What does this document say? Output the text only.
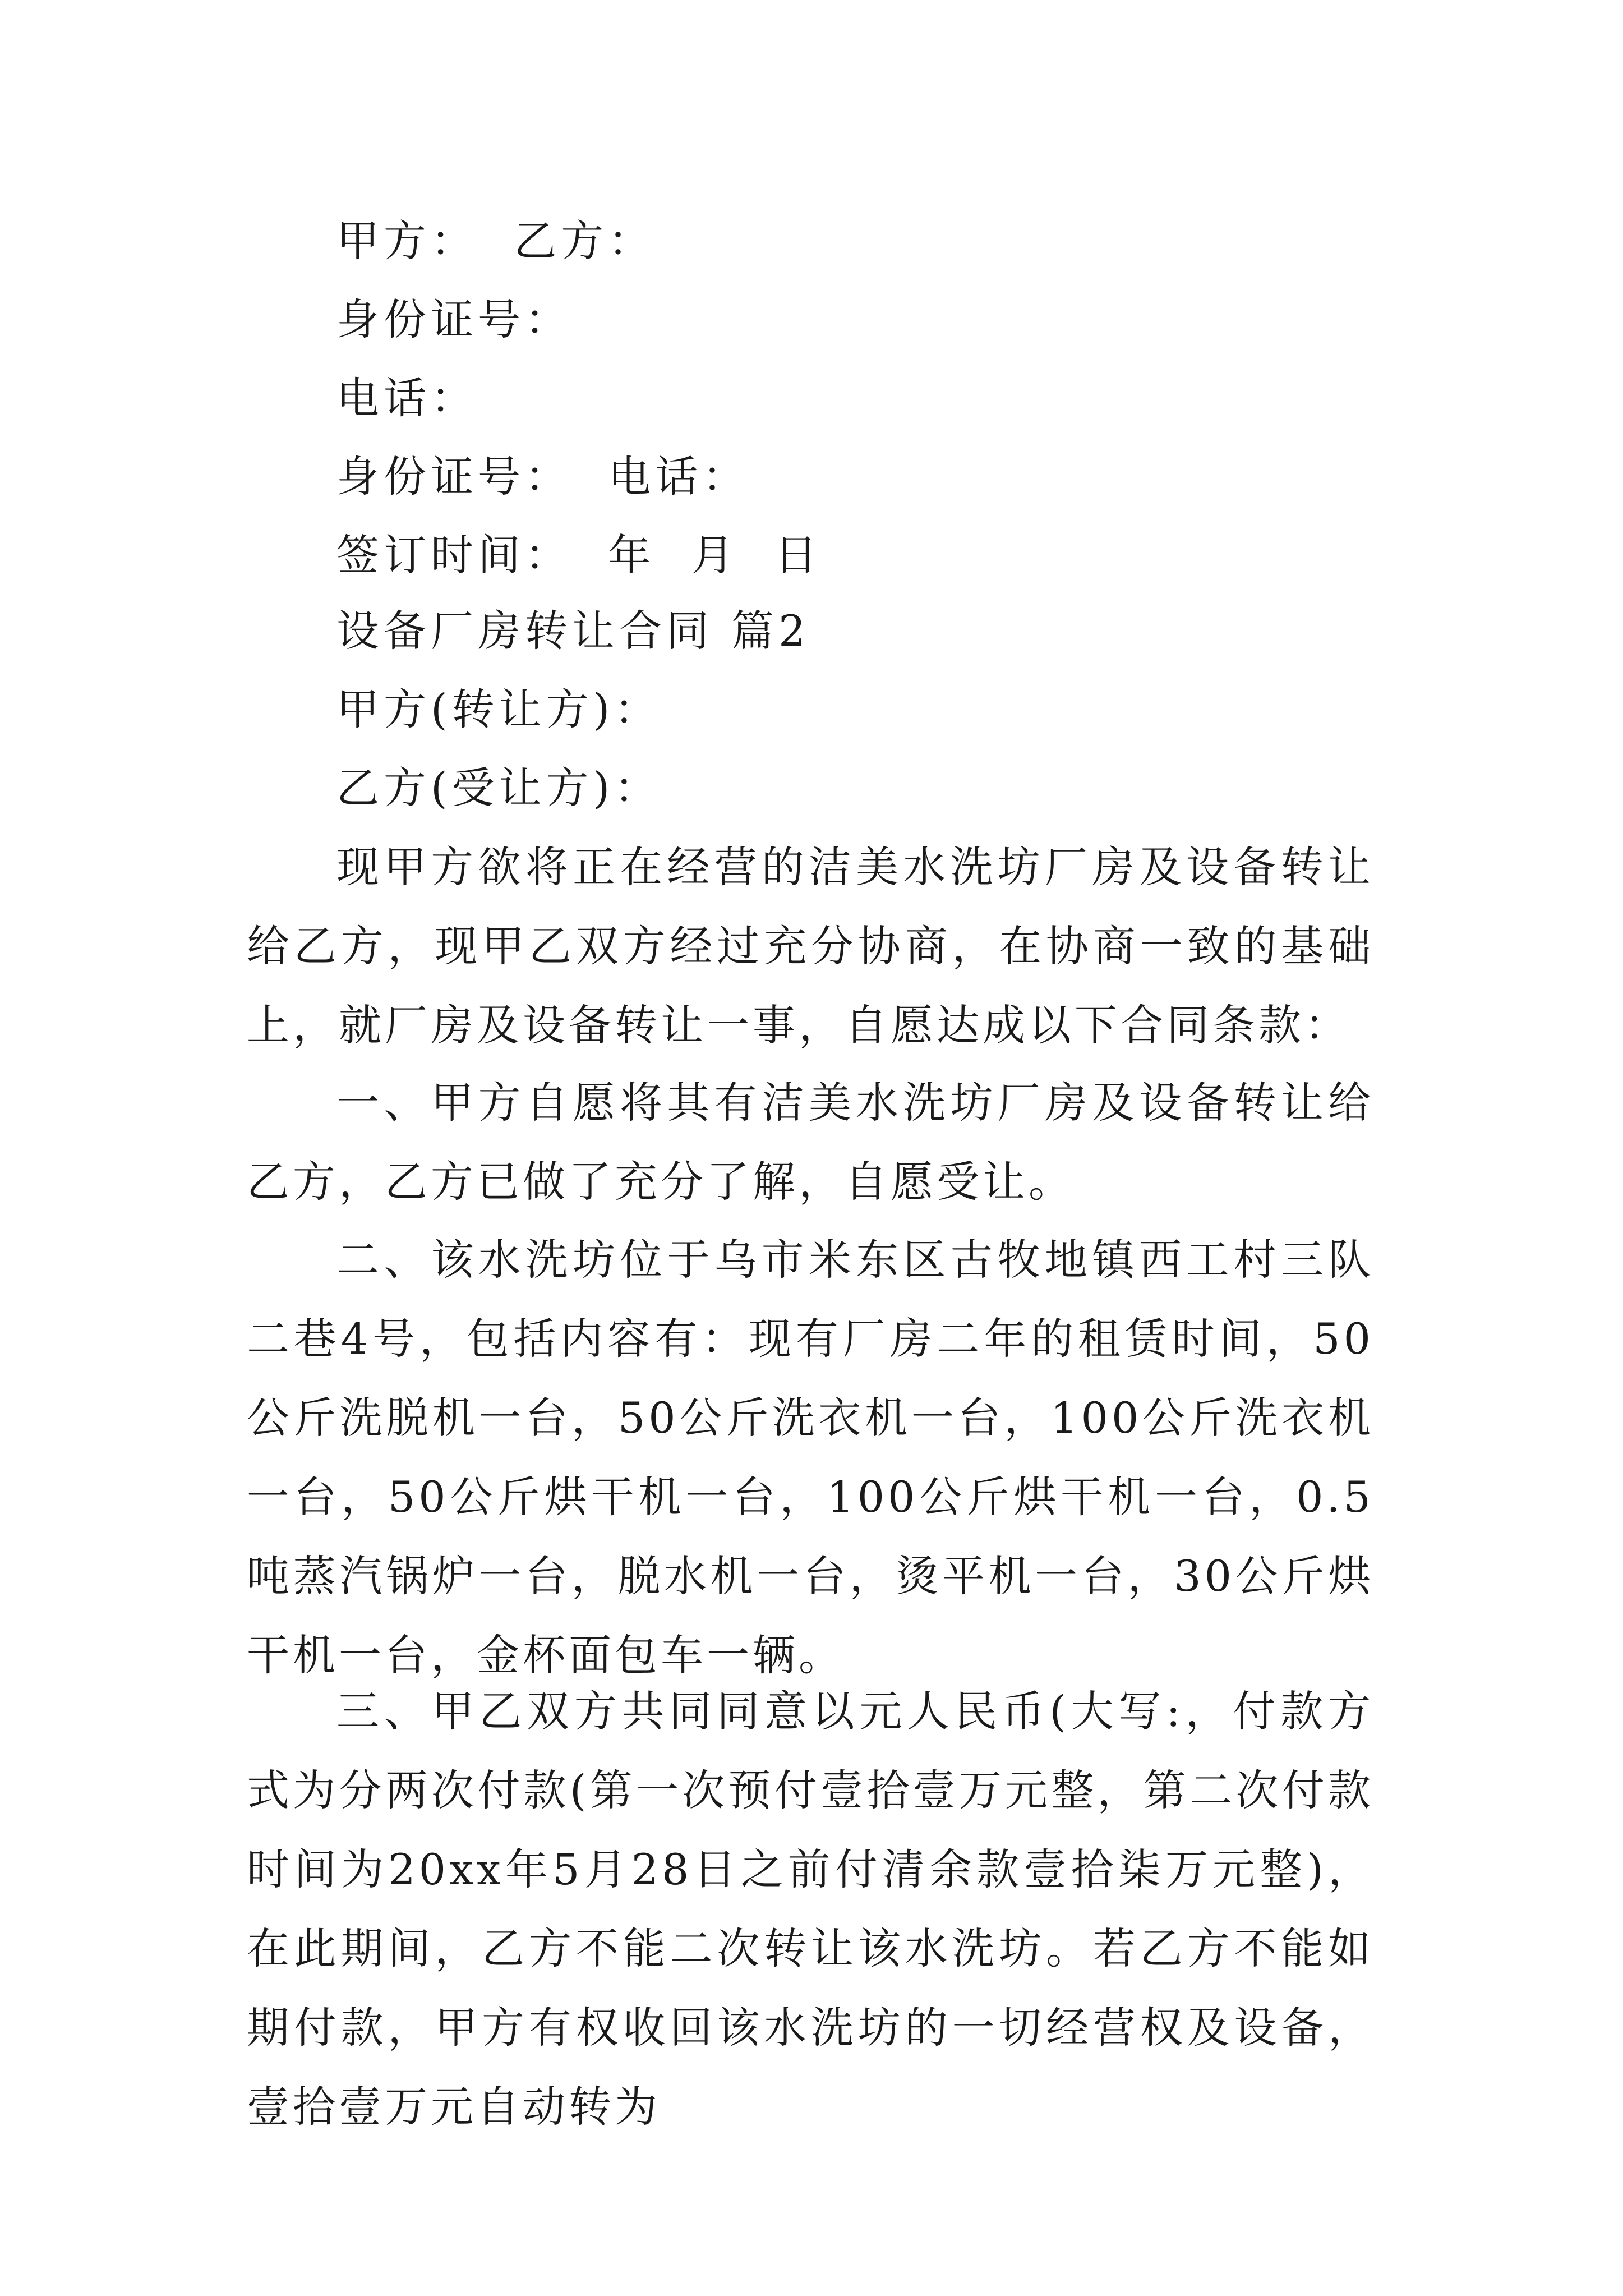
甲方：  乙方：
身份证号：
电话：
身份证号：  电话：
签订时间：  年  月  日
设备厂房转让合同 篇2
甲方(转让方)：
乙方(受让方)：

现甲方欲将正在经营的洁美水洗坊厂房及设备转让给乙方，现甲乙双方经过充分协商，在协商一致的基础上，就厂房及设备转让一事，自愿达成以下合同条款：

一、甲方自愿将其有洁美水洗坊厂房及设备转让给乙方，乙方已做了充分了解，自愿受让。

二、该水洗坊位于乌市米东区古牧地镇西工村三队二巷4号，包括内容有：现有厂房二年的租赁时间，50公斤洗脱机一台，50公斤洗衣机一台，100公斤洗衣机一台，50公斤烘干机一台，100公斤烘干机一台，0.5吨蒸汽锅炉一台，脱水机一台，烫平机一台，30公斤烘干机一台，金杯面包车一辆。

三、甲乙双方共同同意以元人民币(大写:，付款方式为分两次付款(第一次预付壹拾壹万元整，第二次付款时间为20xx年5月28日之前付清余款壹拾柒万元整)，在此期间，乙方不能二次转让该水洗坊。若乙方不能如期付款，甲方有权收回该水洗坊的一切经营权及设备，壹拾壹万元自动转为
